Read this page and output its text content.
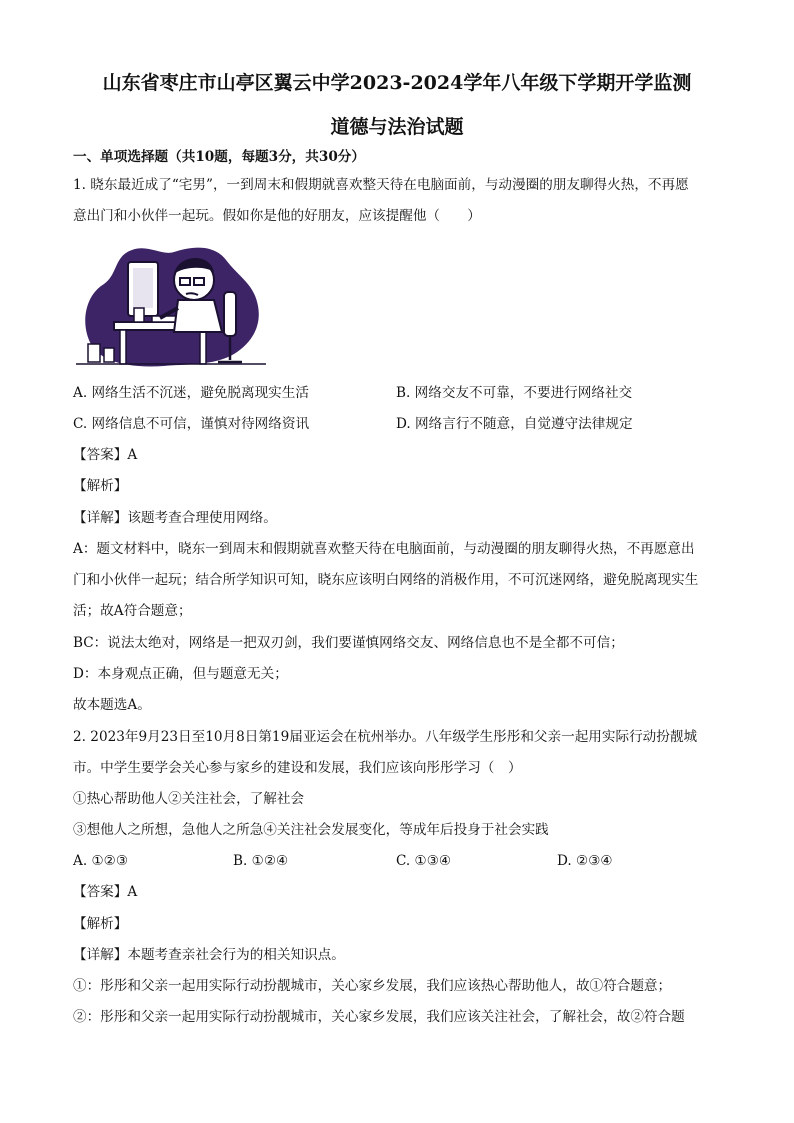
山东省枣庄市山亭区翼云中学2023-2024学年八年级下学期开学监测
道德与法治试题
一、单项选择题（共10题，每题3分，共30分）
1. 晓东最近成了“宅男”，一到周末和假期就喜欢整天待在电脑面前，与动漫圈的朋友聊得火热，不再愿
意出门和小伙伴一起玩。假如你是他的好朋友，应该提醒他（　　）
A. 网络生活不沉迷，避免脱离现实生活	B. 网络交友不可靠，不要进行网络社交
C. 网络信息不可信，谨慎对待网络资讯	D. 网络言行不随意，自觉遵守法律规定
【答案】A
【解析】
【详解】该题考查合理使用网络。
A：题文材料中，晓东一到周末和假期就喜欢整天待在电脑面前，与动漫圈的朋友聊得火热，不再愿意出
门和小伙伴一起玩；结合所学知识可知，晓东应该明白网络的消极作用，不可沉迷网络，避免脱离现实生
活；故A符合题意；
BC：说法太绝对，网络是一把双刃剑，我们要谨慎网络交友、网络信息也不是全都不可信；
D：本身观点正确，但与题意无关；
故本题选A。
2. 2023年9月23日至10月8日第19届亚运会在杭州举办。八年级学生彤彤和父亲一起用实际行动扮靓城
市。中学生要学会关心参与家乡的建设和发展，我们应该向彤彤学习（　）
①热心帮助他人②关注社会，了解社会
③想他人之所想，急他人之所急④关注社会发展变化，等成年后投身于社会实践
A. ①②③	B. ①②④	C. ①③④	D. ②③④
【答案】A
【解析】
【详解】本题考查亲社会行为的相关知识点。
①：彤彤和父亲一起用实际行动扮靓城市，关心家乡发展，我们应该热心帮助他人，故①符合题意；
②：彤彤和父亲一起用实际行动扮靓城市，关心家乡发展，我们应该关注社会，了解社会，故②符合题
